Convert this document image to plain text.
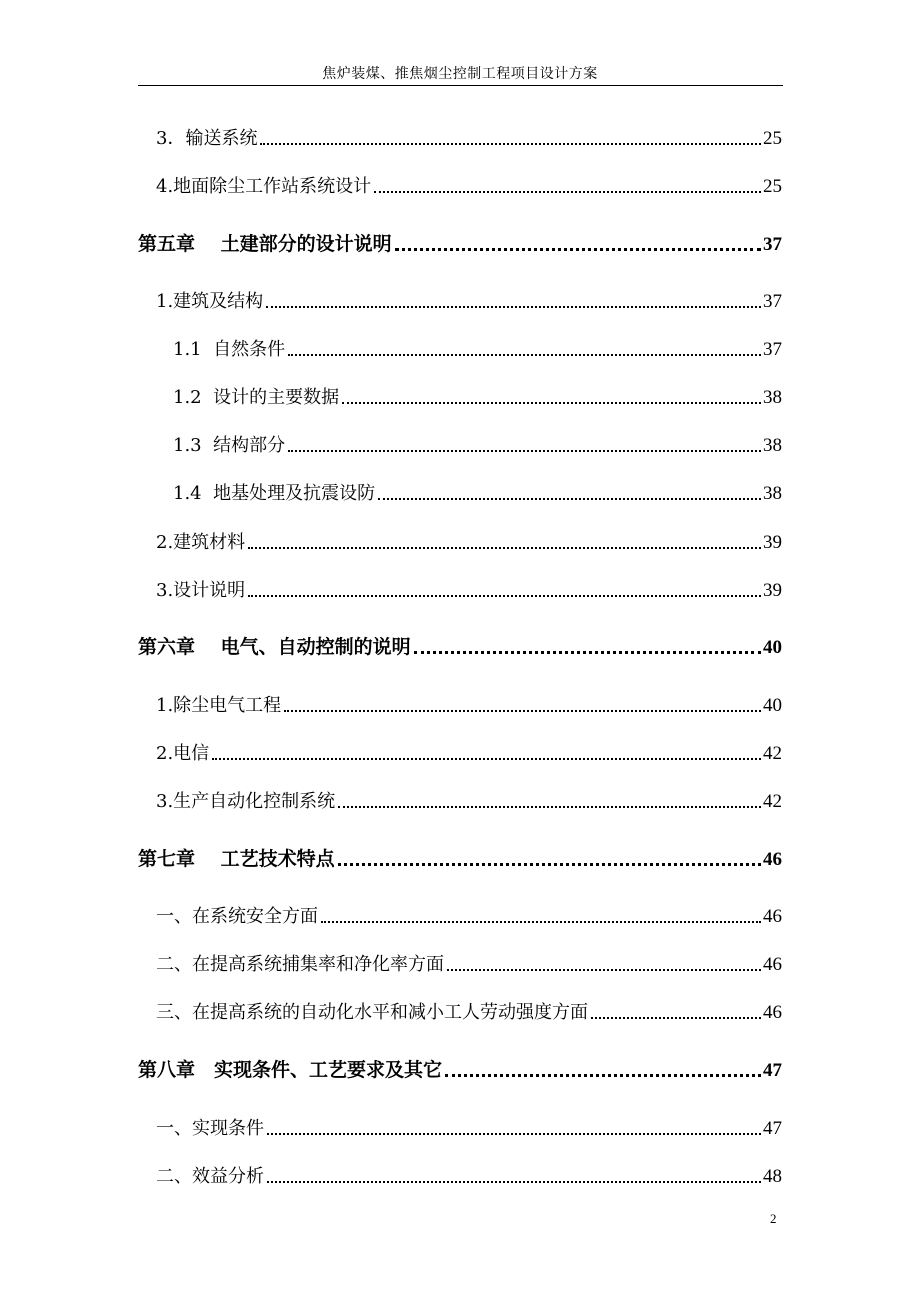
焦炉装煤、推焦烟尘控制工程项目设计方案
3．输送系统	25
4.地面除尘工作站系统设计	25
第五章　 土建部分的设计说明	37
1.建筑及结构	37
1.1  自然条件	37
1.2  设计的主要数据	38
1.3  结构部分	38
1.4  地基处理及抗震设防	38
2.建筑材料	39
3.设计说明	39
第六章　 电气、自动控制的说明	40
1.除尘电气工程	40
2.电信	42
3.生产自动化控制系统	42
第七章　 工艺技术特点	46
一、在系统安全方面	46
二、在提高系统捕集率和净化率方面	46
三、在提高系统的自动化水平和减小工人劳动强度方面	46
第八章　实现条件、工艺要求及其它	47
一、实现条件	47
二、效益分析	48
2
